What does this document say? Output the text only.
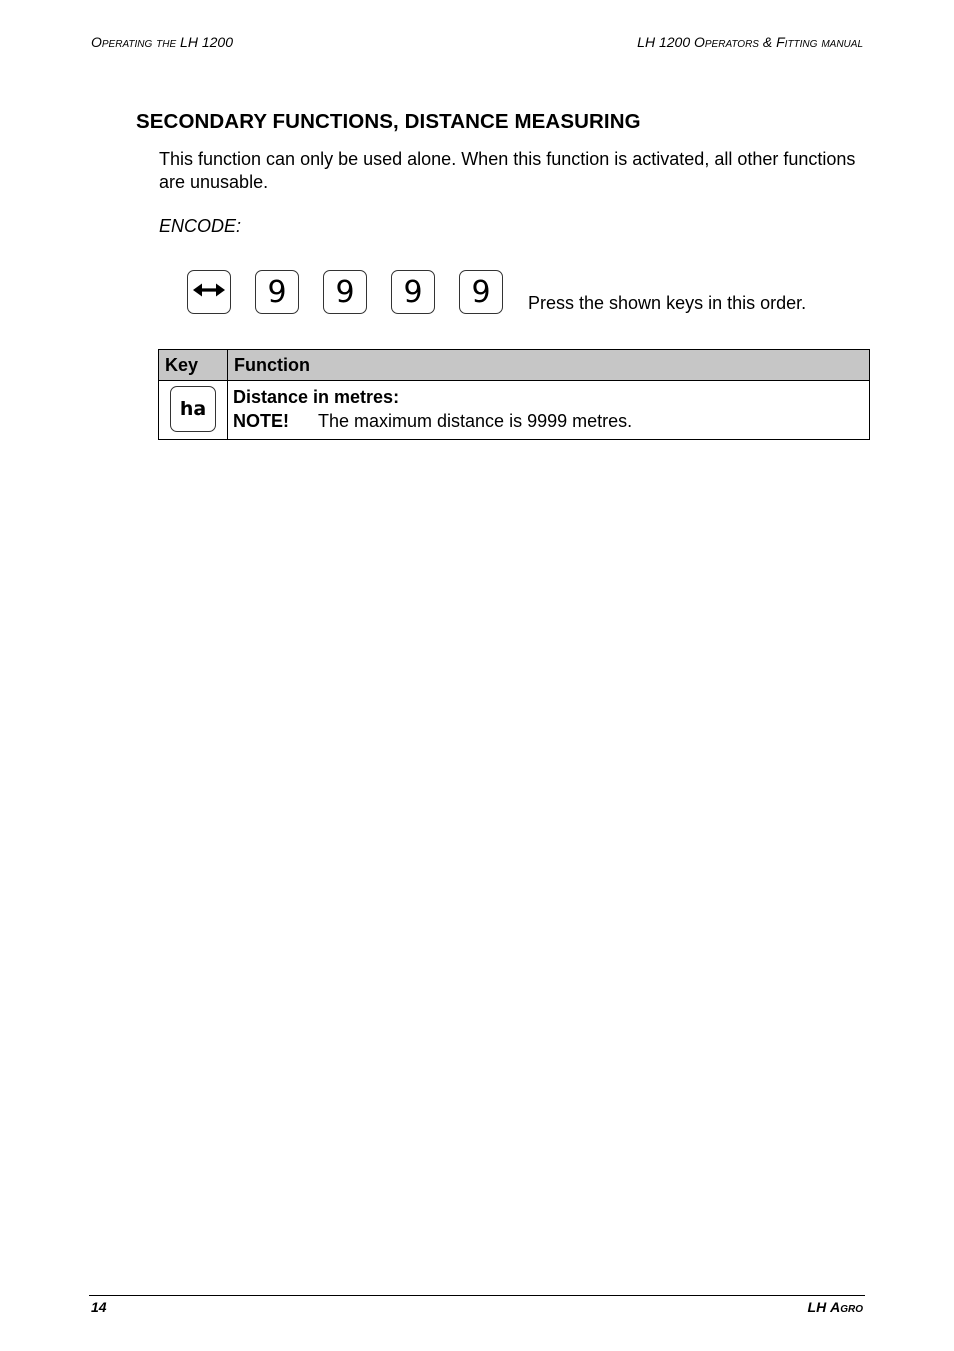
Operating the LH 1200	LH 1200 Operators & Fitting manual
SECONDARY FUNCTIONS, DISTANCE MEASURING
This function can only be used alone. When this function is activated, all other functions are unusable.
ENCODE:
9 9 9 9 Press the shown keys in this order.
Key	Function

ha	Distance in metres:
NOTE! The maximum distance is 9999 metres.
14	LH Agro
